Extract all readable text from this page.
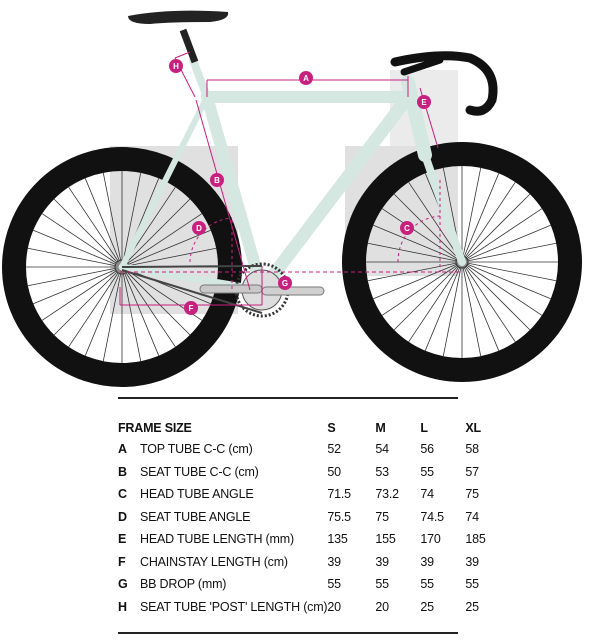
A
B
C
D
E
F
G
H
FRAME SIZE		S	M	L	XL
A	TOP TUBE C-C (cm)	52	54	56	58
B	SEAT TUBE C-C (cm)	50	53	55	57
C	HEAD TUBE ANGLE	71.5	73.2	74	75
D	SEAT TUBE ANGLE	75.5	75	74.5	74
E	HEAD TUBE LENGTH (mm)	135	155	170	185
F	CHAINSTAY LENGTH (cm)	39	39	39	39
G	BB DROP (mm)	55	55	55	55
H	SEAT TUBE 'POST' LENGTH (cm)	20	20	25	25
